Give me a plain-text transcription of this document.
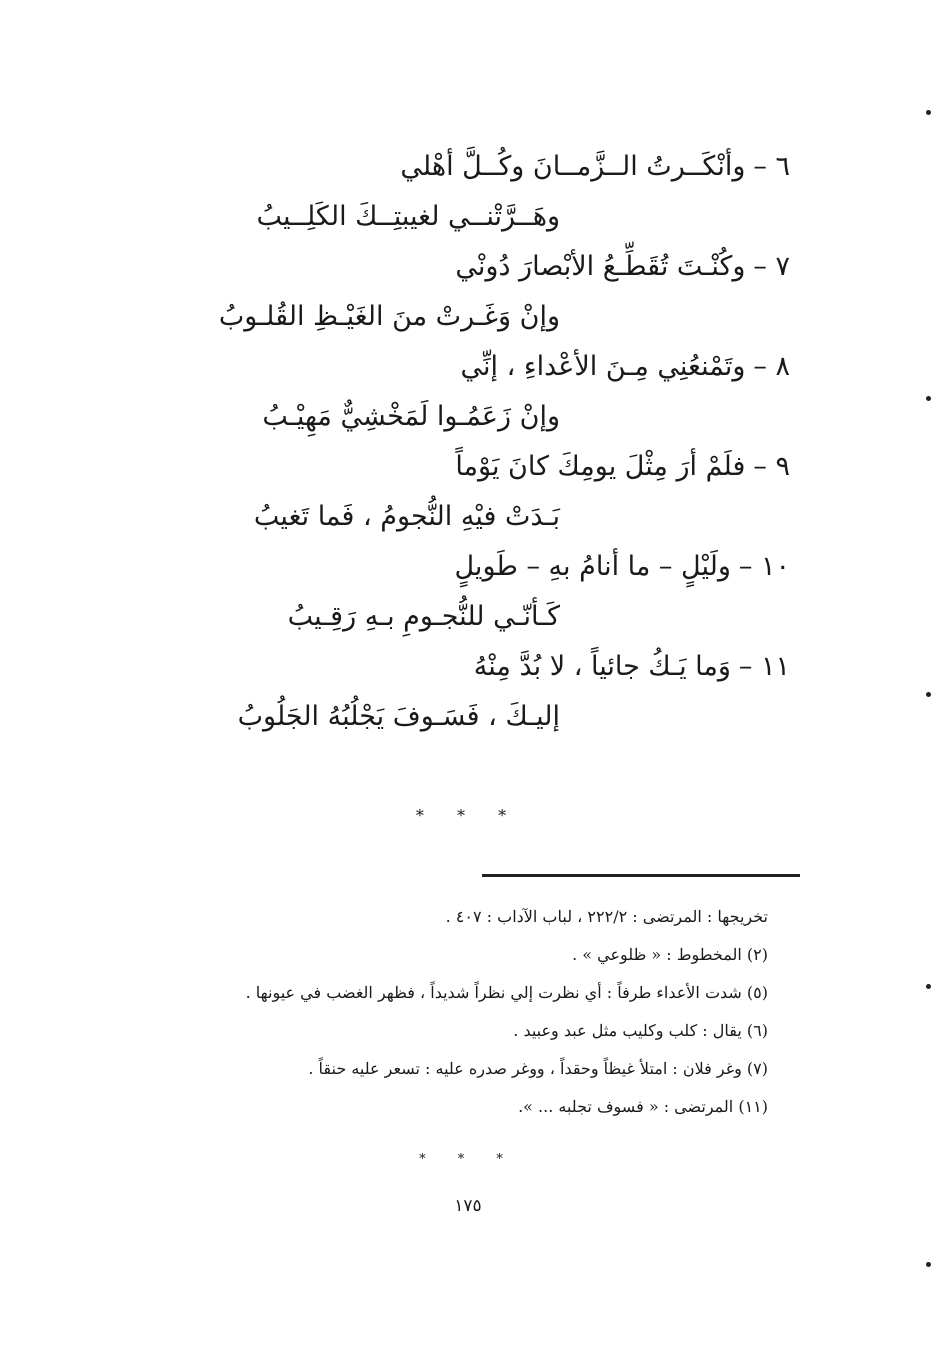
٦ –وأنْكَــرتُ الــزَّمــانَ وكُــلَّ أهْلي
وهَــرَّتْنــي لغيبتِــكَ الكَلِــيبُ
٧ –وكُنْـتَ تُقَطِّـعُ الأبْصارَ دُونْي
وإنْ وَغَـرتْ منَ الغَيْـظِ القُلـوبُ
٨ –وتَمْنعُنِي مِـنَ الأعْداءِ ، إنِّي
وإنْ زَعَمُـوا لَمَخْشِيٌّ مَهِيْـبُ
٩ –فلَمْ أرَ مِثْلَ يومِكَ كانَ يَوْماً
بَـدَتْ فيْهِ النُّجومُ ، فَما تَغيبُ
١٠ –ولَيْلٍ – ما أنامُ بهِ – طَويلٍ
كَـأنّـي للنُّجـومِ بـهِ رَقِـيبُ
١١ –وَما يَـكُ جائياً ، لا بُدَّ مِنْهُ
إليـكَ ، فَسَـوفَ يَجْلُبُهُ الجَلُوبُ
* * *
تخريجها : المرتضى : ٢٢٢/٢ ، لباب الآداب : ٤٠٧ .
(٢) المخطوط : « ظلوعي » .
(٥) شدت الأعداء طرفاً : أي نظرت إلي نظراً شديداً ، فظهر الغضب في عيونها .
(٦) يقال : كلب وكليب مثل عبد وعبيد .
(٧) وغر فلان : امتلأ غيظاً وحقداً ، ووغر صدره عليه : تسعر عليه حنقاً .
(١١) المرتضى : « فسوف تجلبه ... ».
* * *
١٧٥
